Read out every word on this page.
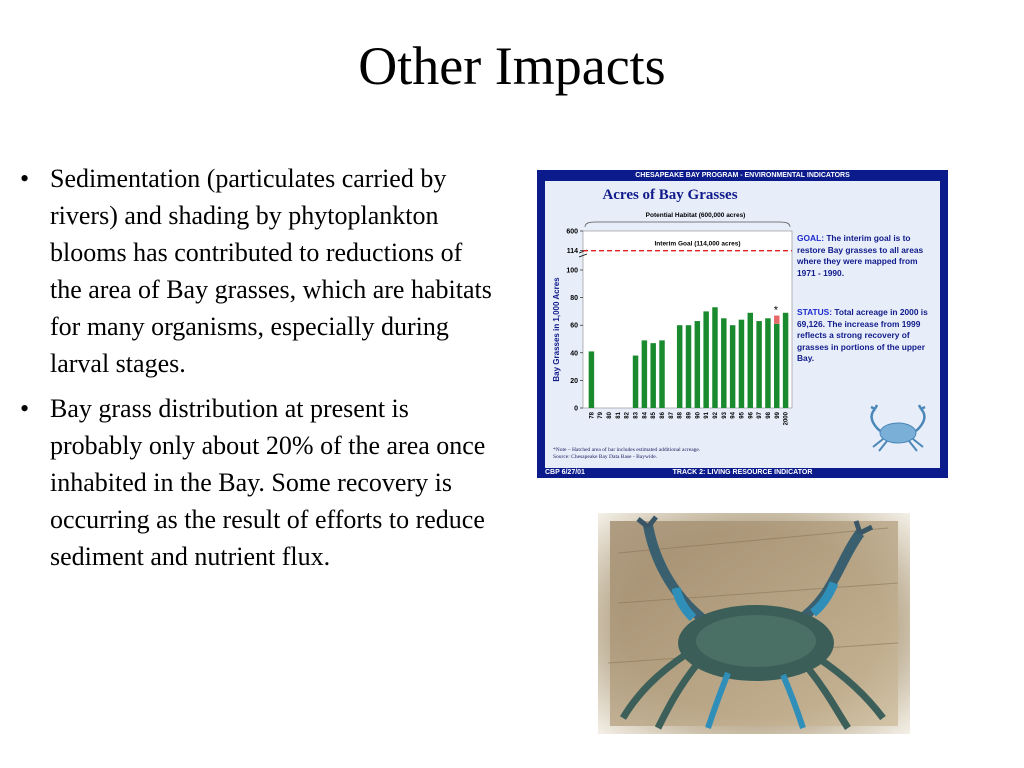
Other Impacts
• Sedimentation (particulates carried by rivers) and shading by phytoplankton blooms has contributed to reductions of the area of Bay grasses, which are habitats for many organisms, especially during larval stages.
• Bay grass distribution at present is probably only about 20% of the area once inhabited in the Bay. Some recovery is occurring as the result of efforts to reduce sediment and nutrient flux.
CHESAPEAKE BAY PROGRAM - ENVIRONMENTAL INDICATORS
Acres of Bay Grasses
Potential Habitat (600,000 acres)
0
20
40
60
80
100
114
600
Bay Grasses in 1,000 Acres
Interim Goal (114,000 acres)
78 79 80 81 82 83 84 85 86 87 88 89 90 91 92 93 94 95 96 97 98 99 2000
*
GOAL: The interim goal is to restore Bay grasses to all areas where they were mapped from 1971 - 1990.
STATUS: Total acreage in 2000 is 69,126. The increase from 1999 reflects a strong recovery of grasses in portions of the upper Bay.
*Note – Hatched area of bar includes estimated additional acreage.
Source: Chesapeake Bay Data Base - Baywide.
TRACK 2: LIVING RESOURCE INDICATOR
CBP 6/27/01
